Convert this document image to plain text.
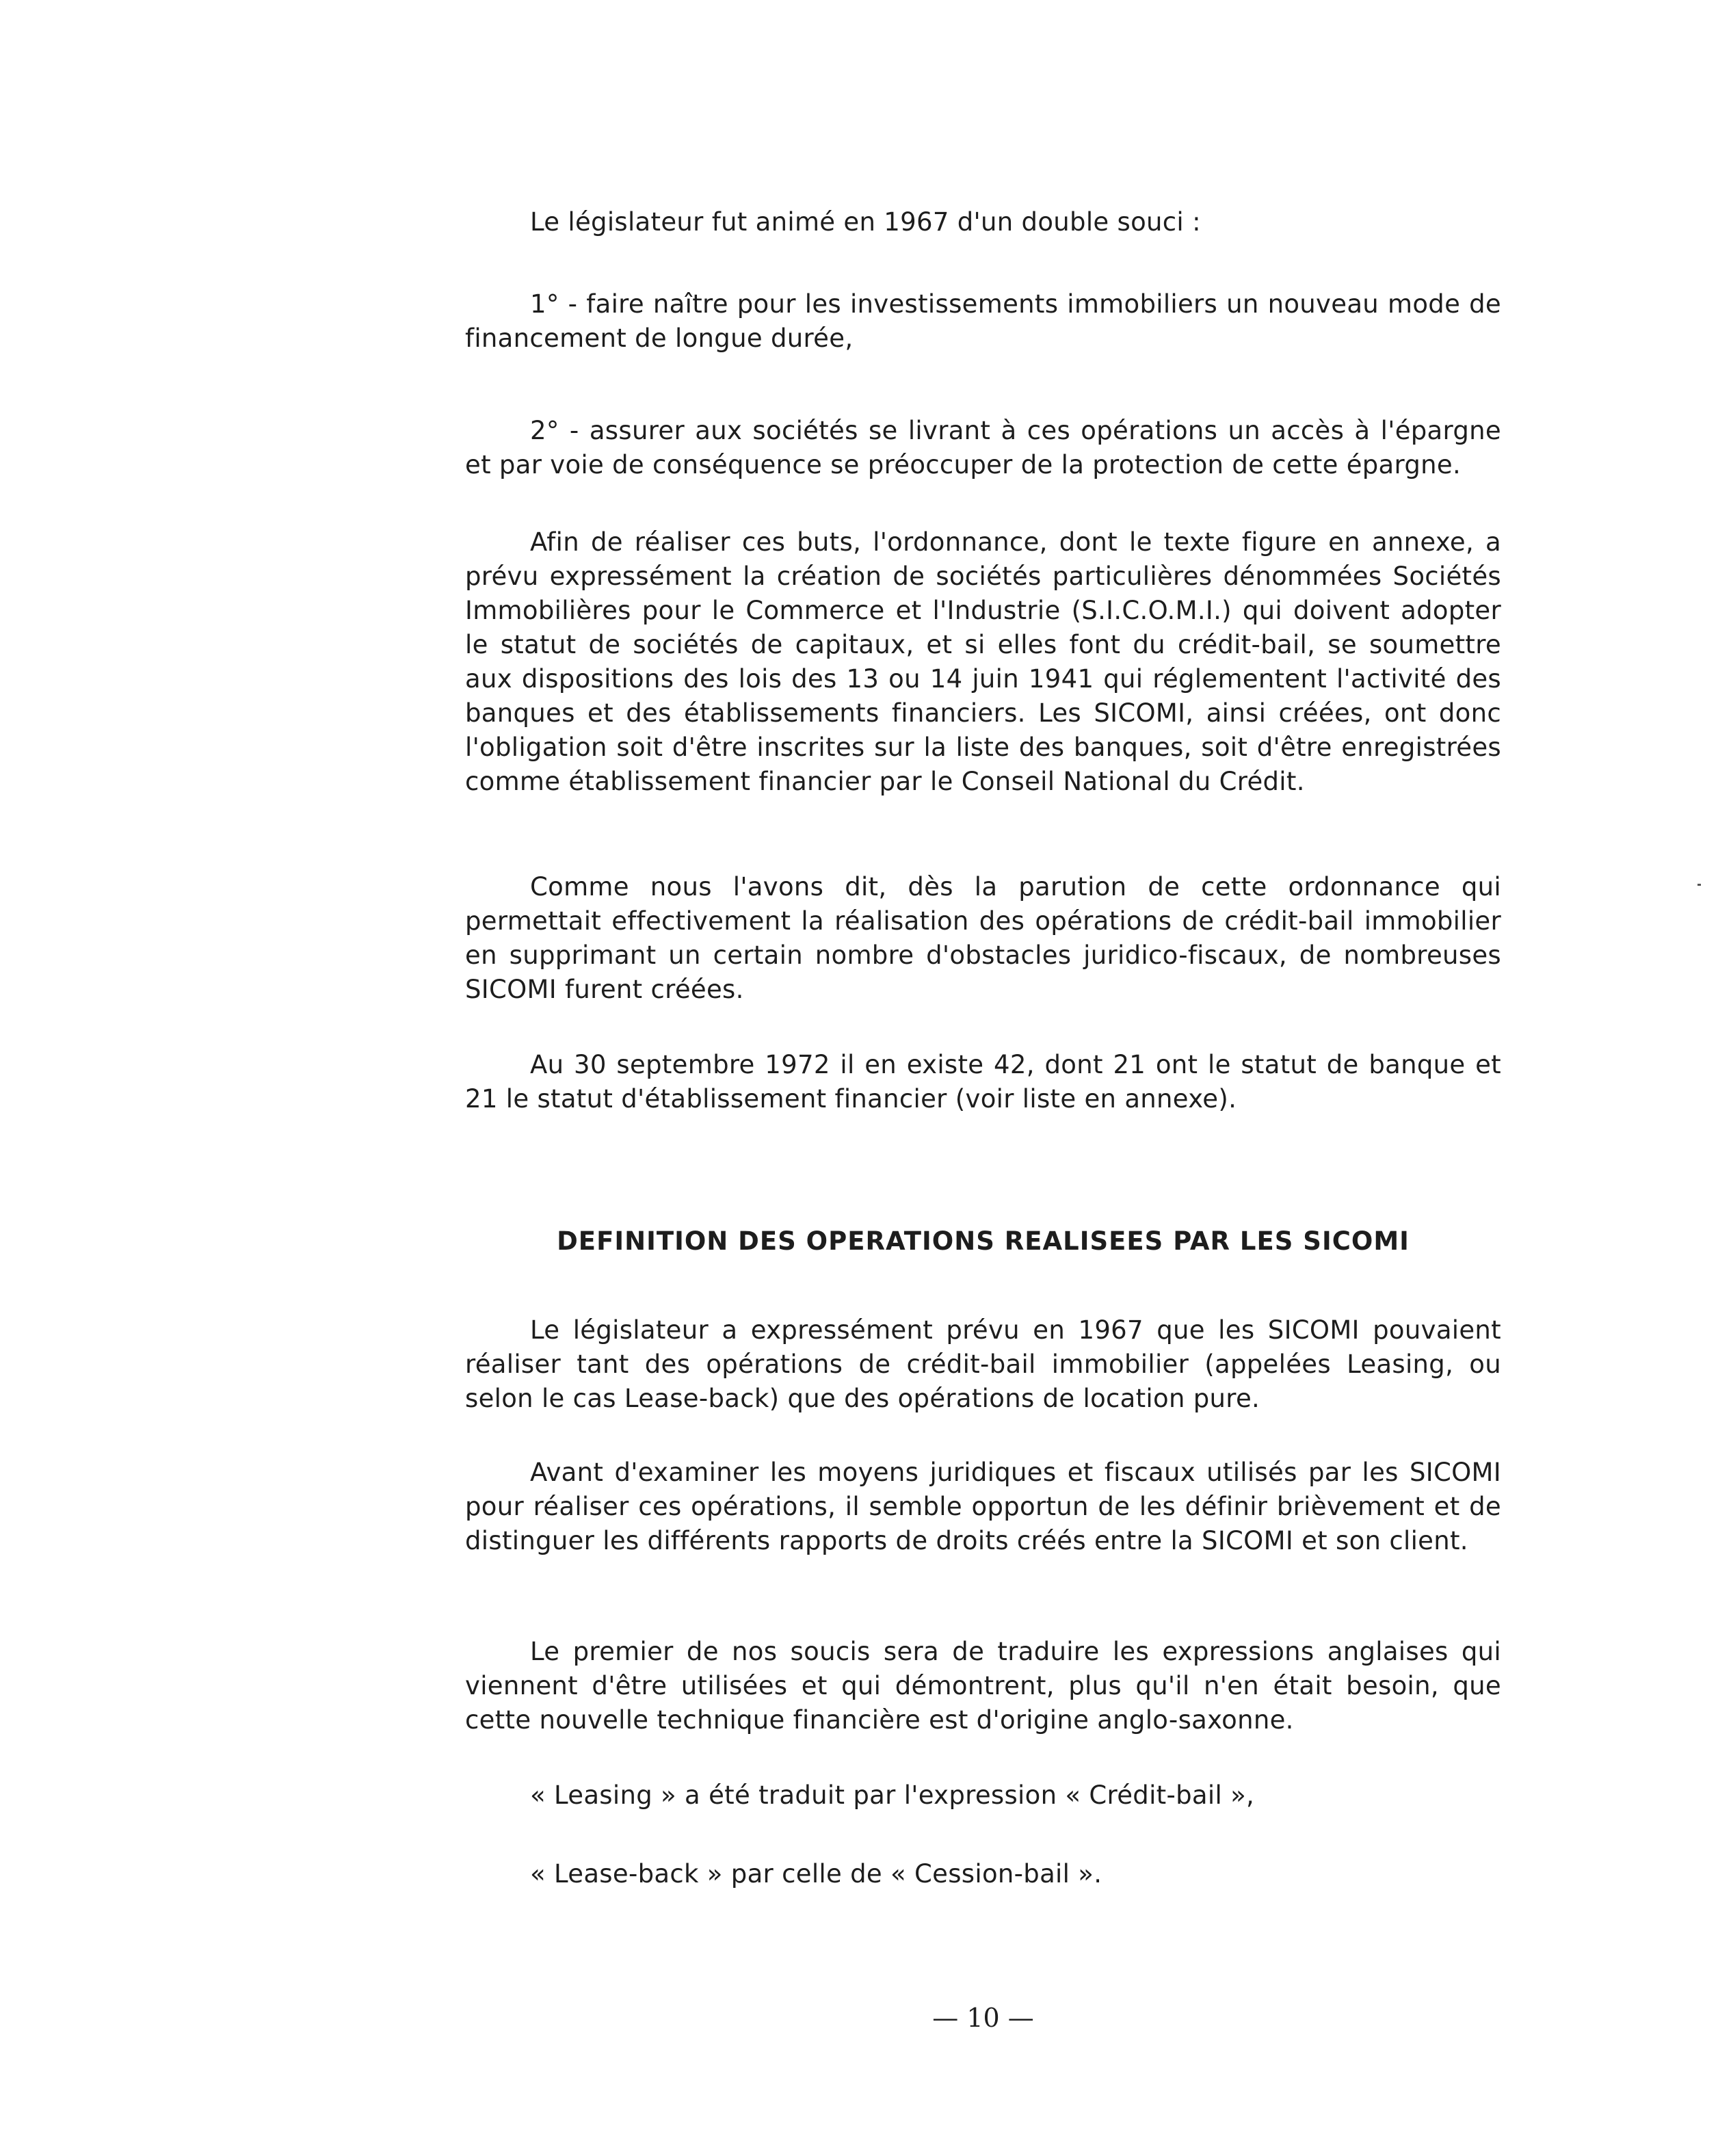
Le législateur fut animé en 1967 d'un double souci :

1° - faire naître pour les investissements immobiliers un nouveau mode de financement de longue durée,

2° - assurer aux sociétés se livrant à ces opérations un accès à l'épargne et par voie de conséquence se préoccuper de la protection de cette épargne.

Afin de réaliser ces buts, l'ordonnance, dont le texte figure en annexe, a prévu expressément la création de sociétés particulières dénommées Sociétés Immobilières pour le Commerce et l'Industrie (S.I.C.O.M.I.) qui doivent adopter le statut de sociétés de capitaux, et si elles font du crédit-bail, se soumettre aux dispositions des lois des 13 ou 14 juin 1941 qui réglementent l'activité des banques et des établissements financiers. Les SICOMI, ainsi créées, ont donc l'obligation soit d'être inscrites sur la liste des banques, soit d'être enregistrées comme établissement financier par le Conseil National du Crédit.

Comme nous l'avons dit, dès la parution de cette ordonnance qui permettait effectivement la réalisation des opérations de crédit-bail immobilier en supprimant un certain nombre d'obstacles juridico-fiscaux, de nombreuses SICOMI furent créées.

Au 30 septembre 1972 il en existe 42, dont 21 ont le statut de banque et 21 le statut d'établissement financier (voir liste en annexe).

DEFINITION DES OPERATIONS REALISEES PAR LES SICOMI

Le législateur a expressément prévu en 1967 que les SICOMI pouvaient réaliser tant des opérations de crédit-bail immobilier (appelées Leasing, ou selon le cas Lease-back) que des opérations de location pure.

Avant d'examiner les moyens juridiques et fiscaux utilisés par les SICOMI pour réaliser ces opérations, il semble opportun de les définir brièvement et de distinguer les différents rapports de droits créés entre la SICOMI et son client.

Le premier de nos soucis sera de traduire les expressions anglaises qui viennent d'être utilisées et qui démontrent, plus qu'il n'en était besoin, que cette nouvelle technique financière est d'origine anglo-saxonne.

« Leasing » a été traduit par l'expression « Crédit-bail »,

« Lease-back » par celle de « Cession-bail ».

— 10 —
